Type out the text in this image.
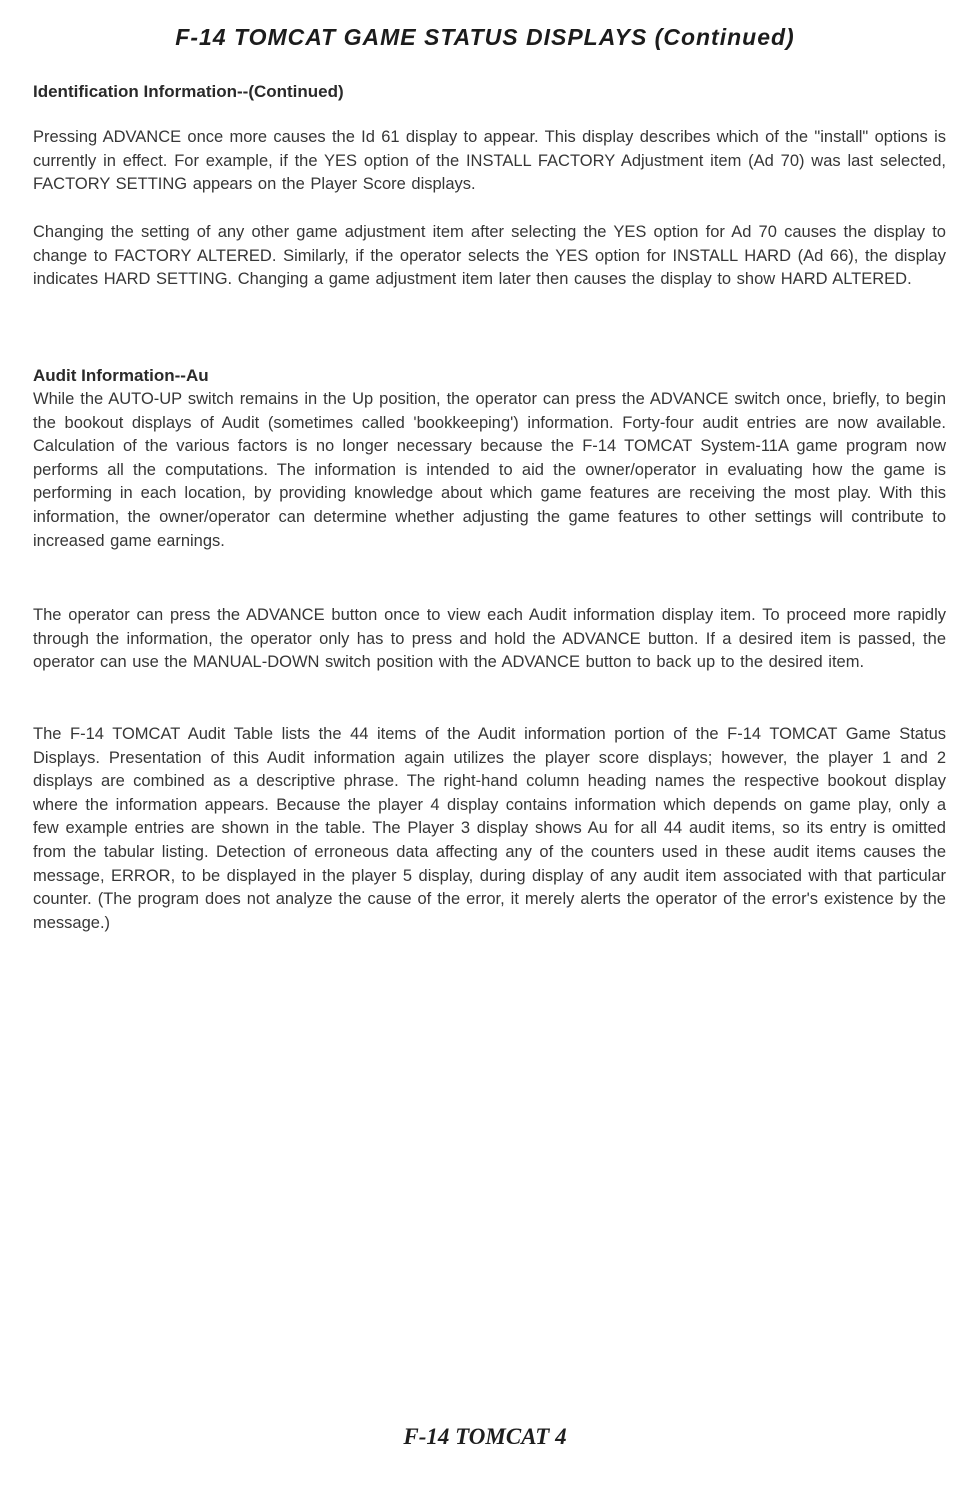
F-14 TOMCAT GAME STATUS DISPLAYS (Continued)
Identification Information--(Continued)

Pressing ADVANCE once more causes the Id 61 display to appear. This display describes which of the "install" options is currently in effect. For example, if the YES option of the INSTALL FACTORY Adjustment item (Ad 70) was last selected, FACTORY SETTING appears on the Player Score displays.

Changing the setting of any other game adjustment item after selecting the YES option for Ad 70 causes the display to change to FACTORY ALTERED. Similarly, if the operator selects the YES option for INSTALL HARD (Ad 66), the display indicates HARD SETTING. Changing a game adjustment item later then causes the display to show HARD ALTERED.

Audit Information--Au

While the AUTO-UP switch remains in the Up position, the operator can press the ADVANCE switch once, briefly, to begin the bookout displays of Audit (sometimes called 'bookkeeping') information. Forty-four audit entries are now available. Calculation of the various factors is no longer necessary because the F-14 TOMCAT System-11A game program now performs all the computations. The information is intended to aid the owner/operator in evaluating how the game is performing in each location, by providing knowledge about which game features are receiving the most play. With this information, the owner/operator can determine whether adjusting the game features to other settings will contribute to increased game earnings.

The operator can press the ADVANCE button once to view each Audit information display item. To proceed more rapidly through the information, the operator only has to press and hold the ADVANCE button. If a desired item is passed, the operator can use the MANUAL-DOWN switch position with the ADVANCE button to back up to the desired item.

The F-14 TOMCAT Audit Table lists the 44 items of the Audit information portion of the F-14 TOMCAT Game Status Displays. Presentation of this Audit information again utilizes the player score displays; however, the player 1 and 2 displays are combined as a descriptive phrase. The right-hand column heading names the respective bookout display where the information appears. Because the player 4 display contains information which depends on game play, only a few example entries are shown in the table. The Player 3 display shows Au for all 44 audit items, so its entry is omitted from the tabular listing. Detection of erroneous data affecting any of the counters used in these audit items causes the message, ERROR, to be displayed in the player 5 display, during display of any audit item associated with that particular counter. (The program does not analyze the cause of the error, it merely alerts the operator of the error's existence by the message.)

F-14 TOMCAT 4
